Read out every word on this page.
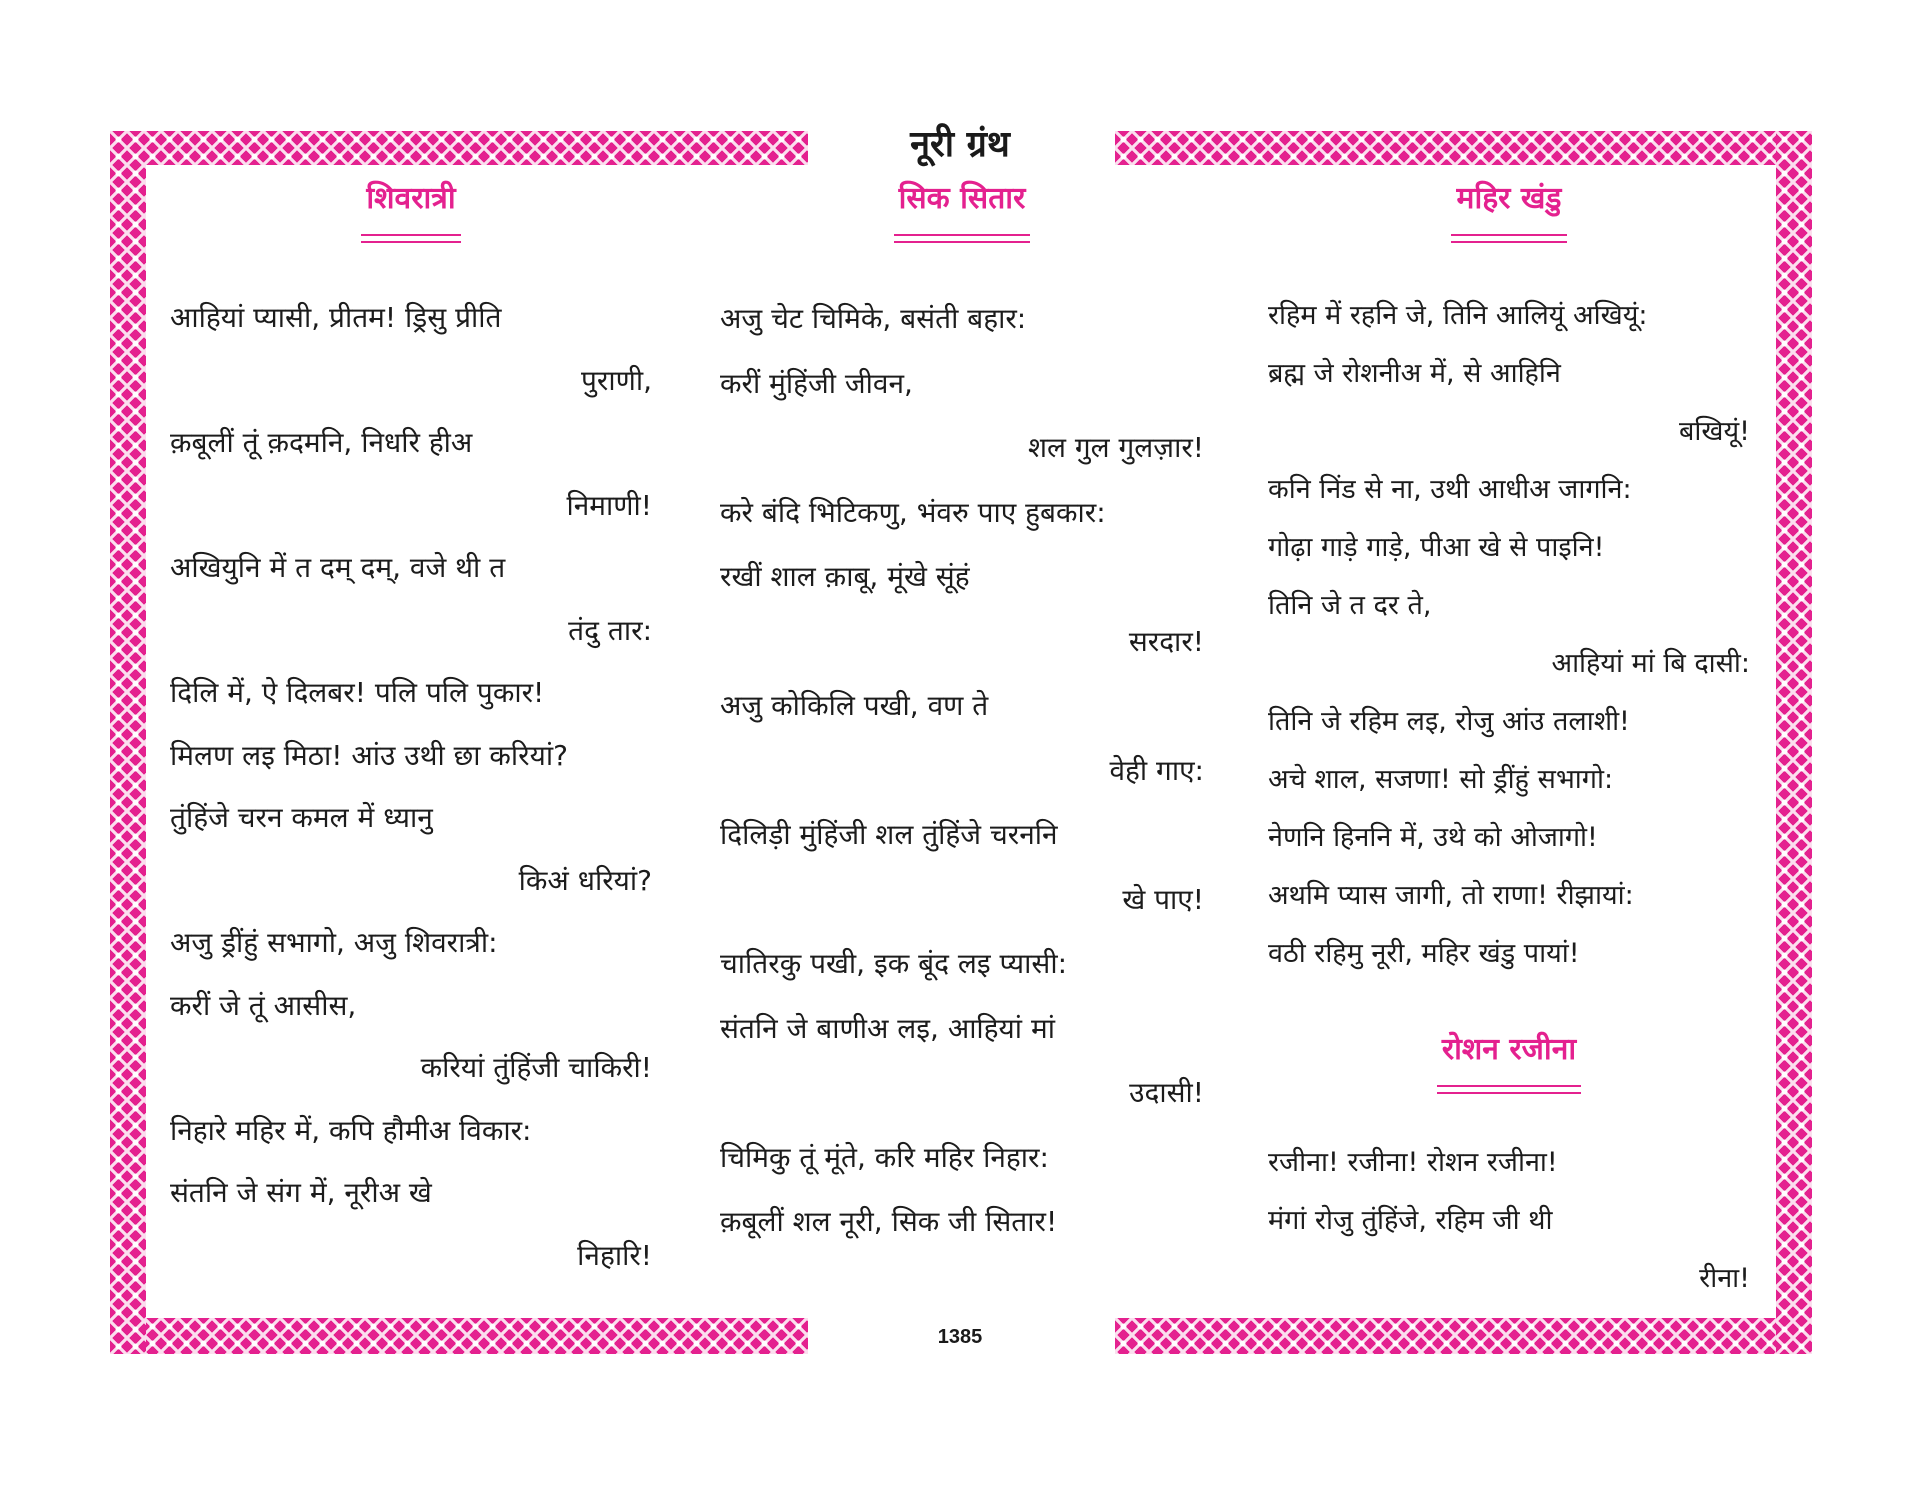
नूरी ग्रंथ
शिवरात्री
आहियां प्यासी, प्रीतम! ड्रिसु प्रीति
पुराणी,
क़बूलीं तूं क़दमनि, निधरि हीअ
निमाणी!
अखियुनि में त दम् दम्, वजे थी त
तंदु तार:
दिलि में, ऐ दिलबर! पलि पलि पुकार!
मिलण लइ मिठा! आंउ उथी छा करियां?
तुंहिंजे चरन कमल में ध्यानु
किअं धरियां?
अजु ड्रींहुं सभागो, अजु शिवरात्री:
करीं जे तूं आसीस,
करियां तुंहिंजी चाकिरी!
निहारे महिर में, कपि हौमीअ विकार:
संतनि जे संग में, नूरीअ खे
निहारि!
सिक सितार
अजु चेट चिमिके, बसंती बहार:
करीं मुंहिंजी जीवन,
शल गुल गुलज़ार!
करे बंदि भिटिकणु, भंवरु पाए हुबकार:
रखीं शाल क़ाबू, मूंखे सूंहं
सरदार!
अजु कोकिलि पखी, वण ते
वेही गाए:
दिलिड़ी मुंहिंजी शल तुंहिंजे चरननि
खे पाए!
चातिरकु पखी, इक बूंद लइ प्यासी:
संतनि जे बाणीअ लइ, आहियां मां
उदासी!
चिमिकु तूं मूंते, करि महिर निहार:
क़बूलीं शल नूरी, सिक जी सितार!
महिर खंडु
रहिम में रहनि जे, तिनि आलियूं अखियूं:
ब्रह्म जे रोशनीअ में, से आहिनि
बखियूं!
कनि निंड से ना, उथी आधीअ जागनि:
गोढ़ा गाड़े गाड़े, पीआ खे से पाइनि!
तिनि जे त दर ते,
आहियां मां बि दासी:
तिनि जे रहिम लइ, रोजु आंउ तलाशी!
अचे शाल, सजणा! सो ड्रींहुं सभागो:
नेणनि हिननि में, उथे को ओजागो!
अथमि प्यास जागी, तो राणा! रीझायां:
वठी रहिमु नूरी, महिर खंडु पायां!
रोशन रजीना
रजीना! रजीना! रोशन रजीना!
मंगां रोजु तुंहिंजे, रहिम जी थी
रीना!
1385
